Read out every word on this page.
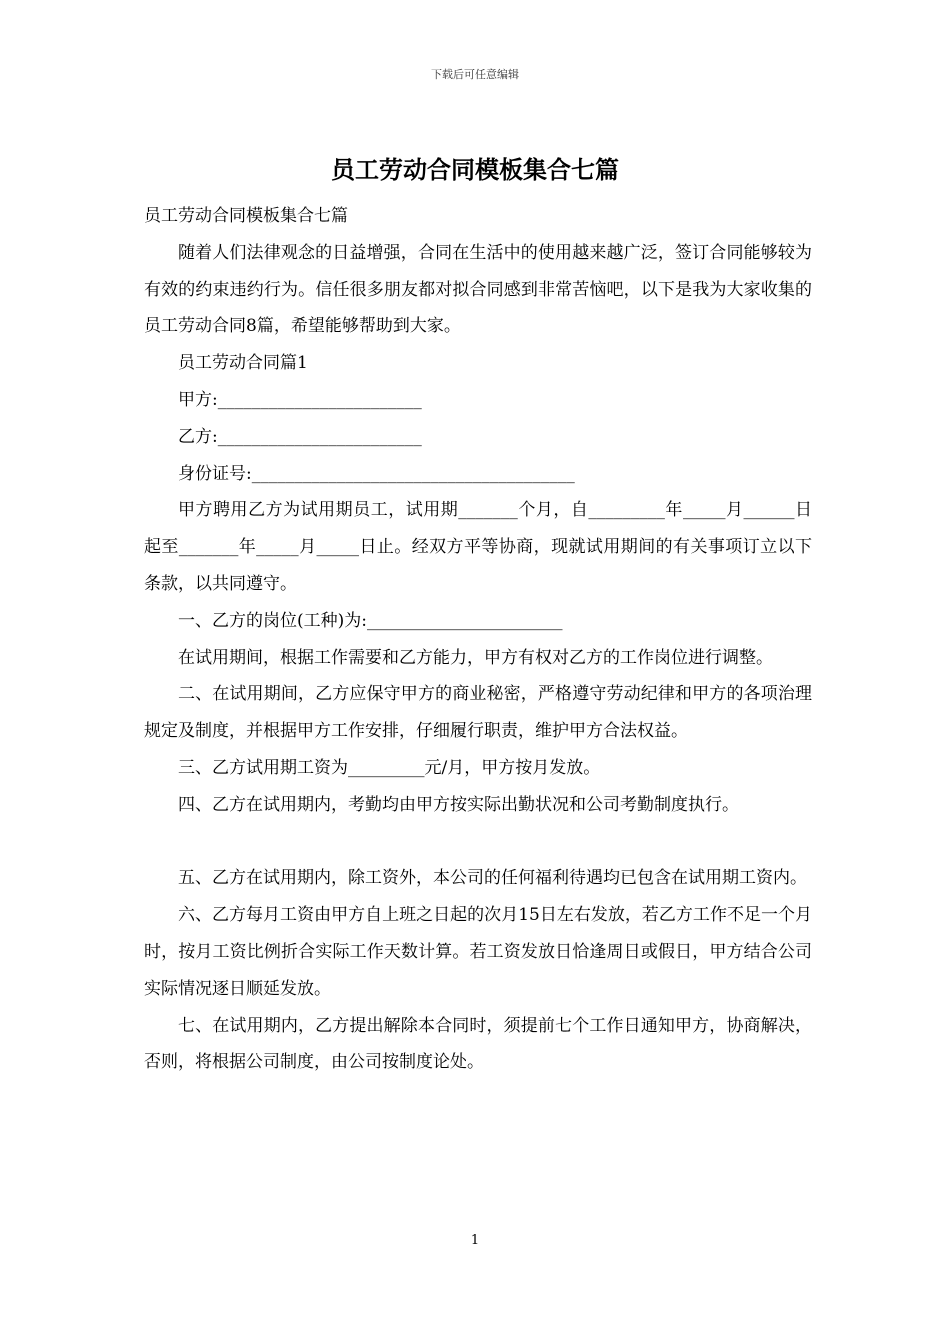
下载后可任意编辑
员工劳动合同模板集合七篇

员工劳动合同模板集合七篇

随着人们法律观念的日益增强，合同在生活中的使用越来越广泛，签订合同能够较为有效的约束违约行为。信任很多朋友都对拟合同感到非常苦恼吧，以下是我为大家收集的员工劳动合同8篇，希望能够帮助到大家。

员工劳动合同篇1

甲方:________________________

乙方:________________________

身份证号:______________________________________

甲方聘用乙方为试用期员工，试用期_______个月，自_________年_____月______日起至_______年_____月_____日止。经双方平等协商，现就试用期间的有关事项订立以下条款，以共同遵守。

一、乙方的岗位(工种)为:_______________________

在试用期间，根据工作需要和乙方能力，甲方有权对乙方的工作岗位进行调整。

二、在试用期间，乙方应保守甲方的商业秘密，严格遵守劳动纪律和甲方的各项治理规定及制度，并根据甲方工作安排，仔细履行职责，维护甲方合法权益。

三、乙方试用期工资为_________元/月，甲方按月发放。

四、乙方在试用期内，考勤均由甲方按实际出勤状况和公司考勤制度执行。

五、乙方在试用期内，除工资外，本公司的任何福利待遇均已包含在试用期工资内。

六、乙方每月工资由甲方自上班之日起的次月15日左右发放，若乙方工作不足一个月时，按月工资比例折合实际工作天数计算。若工资发放日恰逢周日或假日，甲方结合公司实际情况逐日顺延发放。

七、在试用期内，乙方提出解除本合同时，须提前七个工作日通知甲方，协商解决，否则，将根据公司制度，由公司按制度论处。

1
